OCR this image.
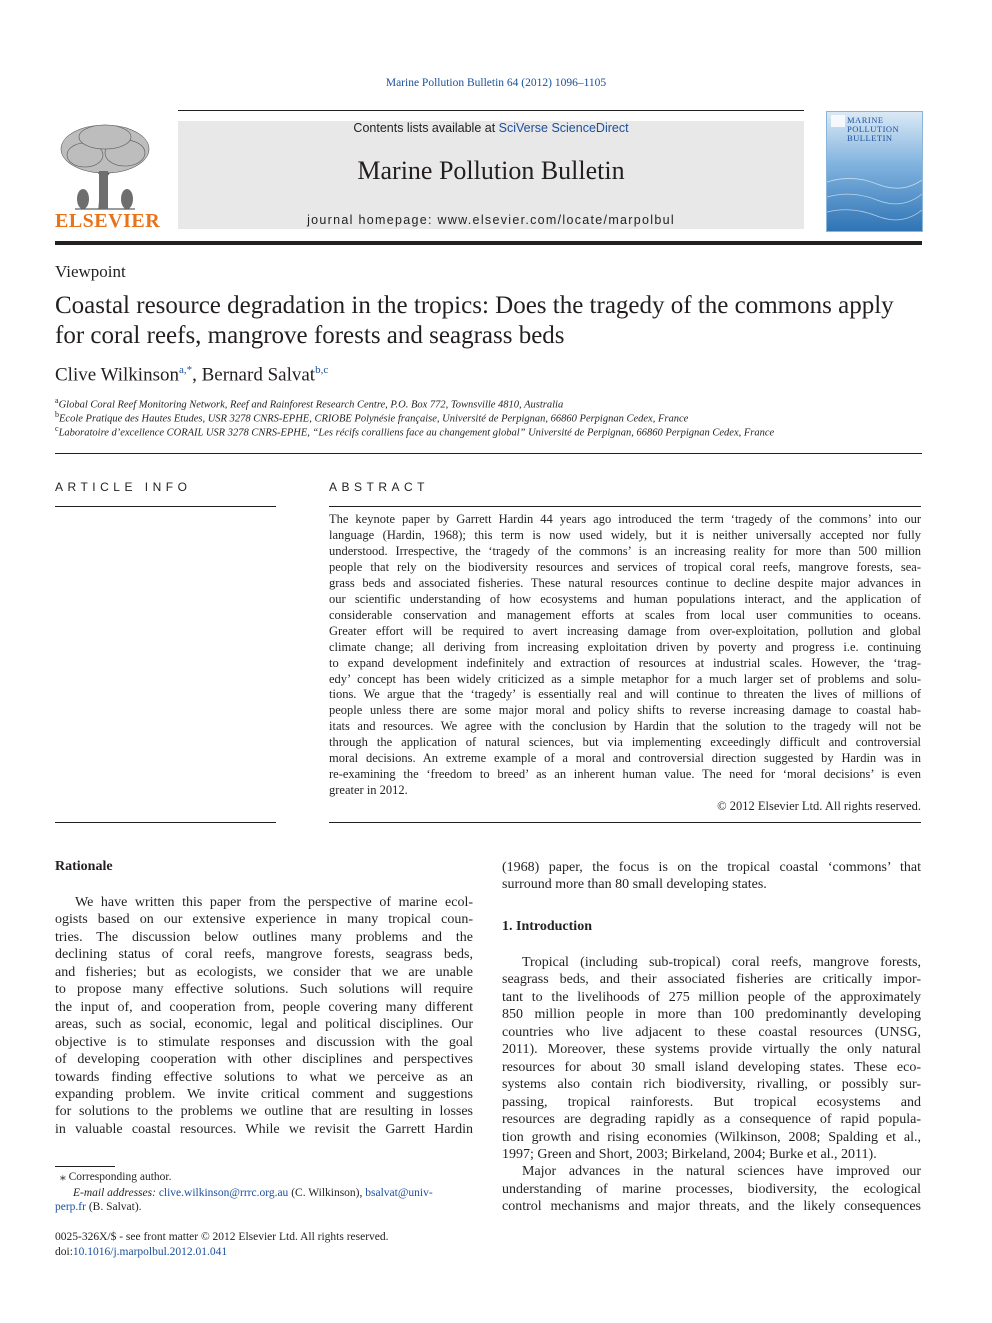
Marine Pollution Bulletin 64 (2012) 1096–1105
ELSEVIER
Contents lists available at SciVerse ScienceDirect
Marine Pollution Bulletin
journal homepage: www.elsevier.com/locate/marpolbul
MARINE
POLLUTION
BULLETIN
Viewpoint
Coastal resource degradation in the tropics: Does the tragedy of the commons apply
for coral reefs, mangrove forests and seagrass beds
Clive Wilkinson$^{a,*}$, Bernard Salvat$^{b,c}$
$^a$Global Coral Reef Monitoring Network, Reef and Rainforest Research Centre, P.O. Box 772, Townsville 4810, Australia
$^b$Ecole Pratique des Hautes Etudes, USR 3278 CNRS-EPHE, CRIOBE Polynésie française, Université de Perpignan, 66860 Perpignan Cedex, France
$^c$Laboratoire d’excellence CORAIL USR 3278 CNRS-EPHE, “Les récifs coralliens face au changement global” Université de Perpignan, 66860 Perpignan Cedex, France
ARTICLE INFO	ABSTRACT
The keynote paper by Garrett Hardin 44 years ago introduced the term ‘tragedy of the commons’ into our
language (Hardin, 1968); this term is now used widely, but it is neither universally accepted nor fully
understood. Irrespective, the ‘tragedy of the commons’ is an increasing reality for more than 500 million
people that rely on the biodiversity resources and services of tropical coral reefs, mangrove forests, sea-
grass beds and associated fisheries. These natural resources continue to decline despite major advances in
our scientific understanding of how ecosystems and human populations interact, and the application of
considerable conservation and management efforts at scales from local user communities to oceans.
Greater effort will be required to avert increasing damage from over-exploitation, pollution and global
climate change; all deriving from increasing exploitation driven by poverty and progress i.e. continuing
to expand development indefinitely and extraction of resources at industrial scales. However, the ‘trag-
edy’ concept has been widely criticized as a simple metaphor for a much larger set of problems and solu-
tions. We argue that the ‘tragedy’ is essentially real and will continue to threaten the lives of millions of
people unless there are some major moral and policy shifts to reverse increasing damage to coastal hab-
itats and resources. We agree with the conclusion by Hardin that the solution to the tragedy will not be
through the application of natural sciences, but via implementing exceedingly difficult and controversial
moral decisions. An extreme example of a moral and controversial direction suggested by Hardin was in
re-examining the ‘freedom to breed’ as an inherent human value. The need for ‘moral decisions’ is even
greater in 2012.
© 2012 Elsevier Ltd. All rights reserved.
Rationale
We have written this paper from the perspective of marine ecol-
ogists based on our extensive experience in many tropical coun-
tries. The discussion below outlines many problems and the
declining status of coral reefs, mangrove forests, seagrass beds,
and fisheries; but as ecologists, we consider that we are unable
to propose many effective solutions. Such solutions will require
the input of, and cooperation from, people covering many different
areas, such as social, economic, legal and political disciplines. Our
objective is to stimulate responses and discussion with the goal
of developing cooperation with other disciplines and perspectives
towards finding effective solutions to what we perceive as an
expanding problem. We invite critical comment and suggestions
for solutions to the problems we outline that are resulting in losses
in valuable coastal resources. While we revisit the Garrett Hardin
(1968) paper, the focus is on the tropical coastal ‘commons’ that
surround more than 80 small developing states.
1. Introduction
Tropical (including sub-tropical) coral reefs, mangrove forests,
seagrass beds, and their associated fisheries are critically impor-
tant to the livelihoods of 275 million people of the approximately
850 million people in more than 100 predominantly developing
countries who live adjacent to these coastal resources (UNSG,
2011). Moreover, these systems provide virtually the only natural
resources for about 30 small island developing states. These eco-
systems also contain rich biodiversity, rivalling, or possibly sur-
passing, tropical rainforests. But tropical ecosystems and
resources are degrading rapidly as a consequence of rapid popula-
tion growth and rising economies (Wilkinson, 2008; Spalding et al.,
1997; Green and Short, 2003; Birkeland, 2004; Burke et al., 2011).
Major advances in the natural sciences have improved our
understanding of marine processes, biodiversity, the ecological
control mechanisms and major threats, and the likely consequences
⁎ Corresponding author.
E-mail addresses: clive.wilkinson@rrrc.org.au (C. Wilkinson), bsalvat@univ-
perp.fr (B. Salvat).
0025-326X/$ - see front matter © 2012 Elsevier Ltd. All rights reserved.
doi:10.1016/j.marpolbul.2012.01.041
